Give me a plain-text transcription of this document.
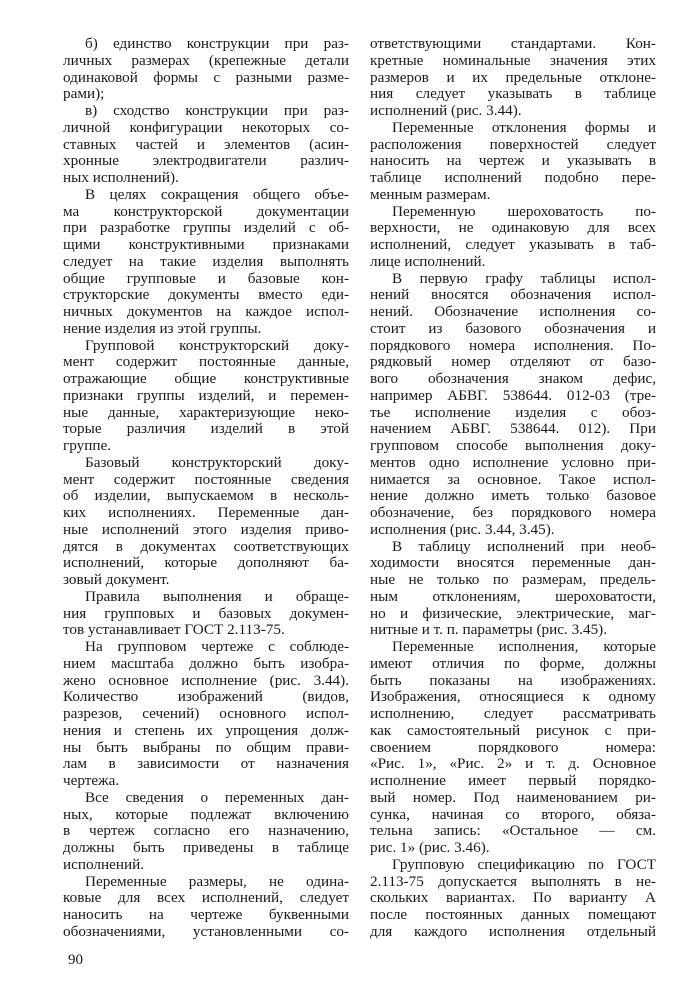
б) единство конструкции при раз-
личных размерах (крепежные детали
одинаковой формы с разными разме-
рами);
в) сходство конструкции при раз-
личной конфигурации некоторых со-
ставных частей и элементов (асин-
хронные электродвигатели различ-
ных исполнений).
В целях сокращения общего объе-
ма конструкторской документации
при разработке группы изделий с об-
щими конструктивными признаками
следует на такие изделия выполнять
общие групповые и базовые кон-
структорские документы вместо еди-
ничных документов на каждое испол-
нение изделия из этой группы.
Групповой конструкторский доку-
мент содержит постоянные данные,
отражающие общие конструктивные
признаки группы изделий, и перемен-
ные данные, характеризующие неко-
торые различия изделий в этой
группе.
Базовый конструкторский доку-
мент содержит постоянные сведения
об изделии, выпускаемом в несколь-
ких исполнениях. Переменные дан-
ные исполнений этого изделия приво-
дятся в документах соответствующих
исполнений, которые дополняют ба-
зовый документ.
Правила выполнения и обраще-
ния групповых и базовых докумен-
тов устанавливает ГОСТ 2.113-75.
На групповом чертеже с соблюде-
нием масштаба должно быть изобра-
жено основное исполнение (рис. 3.44).
Количество изображений (видов,
разрезов, сечений) основного испол-
нения и степень их упрощения долж-
ны быть выбраны по общим прави-
лам в зависимости от назначения
чертежа.
Все сведения о переменных дан-
ных, которые подлежат включению
в чертеж согласно его назначению,
должны быть приведены в таблице
исполнений.
Переменные размеры, не одина-
ковые для всех исполнений, следует
наносить на чертеже буквенными
обозначениями, установленными со-
ответствующими стандартами. Кон-
кретные номинальные значения этих
размеров и их предельные отклоне-
ния следует указывать в таблице
исполнений (рис. 3.44).
Переменные отклонения формы и
расположения поверхностей следует
наносить на чертеж и указывать в
таблице исполнений подобно пере-
менным размерам.
Переменную шероховатость по-
верхности, не одинаковую для всех
исполнений, следует указывать в таб-
лице исполнений.
В первую графу таблицы испол-
нений вносятся обозначения испол-
нений. Обозначение исполнения со-
стоит из базового обозначения и
порядкового номера исполнения. По-
рядковый номер отделяют от базо-
вого обозначения знаком дефис,
например АБВГ. 538644. 012-03 (тре-
тье исполнение изделия с обоз-
начением АБВГ. 538644. 012). При
групповом способе выполнения доку-
ментов одно исполнение условно при-
нимается за основное. Такое испол-
нение должно иметь только базовое
обозначение, без порядкового номера
исполнения (рис. 3.44, 3.45).
В таблицу исполнений при необ-
ходимости вносятся переменные дан-
ные не только по размерам, предель-
ным отклонениям, шероховатости,
но и физические, электрические, маг-
нитные и т. п. параметры (рис. 3.45).
Переменные исполнения, которые
имеют отличия по форме, должны
быть показаны на изображениях.
Изображения, относящиеся к одному
исполнению, следует рассматривать
как самостоятельный рисунок с при-
своением порядкового номера:
«Рис. 1», «Рис. 2» и т. д. Основное
исполнение имеет первый порядко-
вый номер. Под наименованием ри-
сунка, начиная со второго, обяза-
тельна запись: «Остальное — см.
рис. 1» (рис. 3.46).
Групповую спецификацию по ГОСТ
2.113-75 допускается выполнять в не-
скольких вариантах. По варианту А
после постоянных данных помещают
для каждого исполнения отдельный
90
